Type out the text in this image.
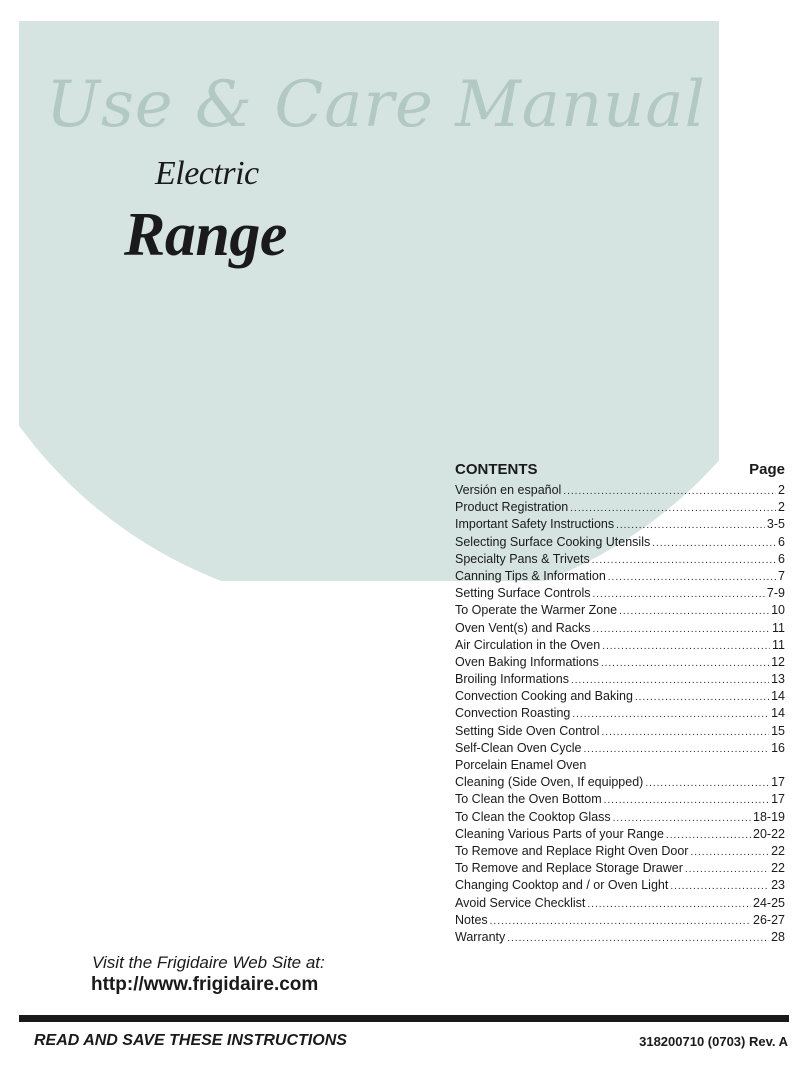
Use & Care Manual
Electric
Range
CONTENTS	Page
Versión en español .....	2
Product Registration .....	2
Important Safety Instructions .....	3-5
Selecting Surface Cooking Utensils .....	6
Specialty Pans & Trivets .....	6
Canning Tips & Information .....	7
Setting Surface Controls .....	7-9
To Operate the Warmer Zone .....	10
Oven Vent(s) and Racks .....	11
Air Circulation in the Oven .....	11
Oven Baking Informations .....	12
Broiling Informations .....	13
Convection Cooking and Baking .....	14
Convection Roasting .....	14
Setting Side Oven Control .....	15
Self-Clean Oven Cycle .....	16
Porcelain Enamel Oven
Cleaning (Side Oven, If equipped) .....	17
To Clean the Oven Bottom .....	17
To Clean the Cooktop Glass .....	18-19
Cleaning Various Parts of your Range .....	20-22
To Remove and Replace Right Oven Door .....	22
To Remove and Replace Storage Drawer .....	22
Changing Cooktop and / or Oven Light .....	23
Avoid Service Checklist .....	24-25
Notes .....	26-27
Warranty .....	28
Visit the Frigidaire Web Site at:
http://www.frigidaire.com
READ AND SAVE THESE INSTRUCTIONS	318200710 (0703) Rev. A
